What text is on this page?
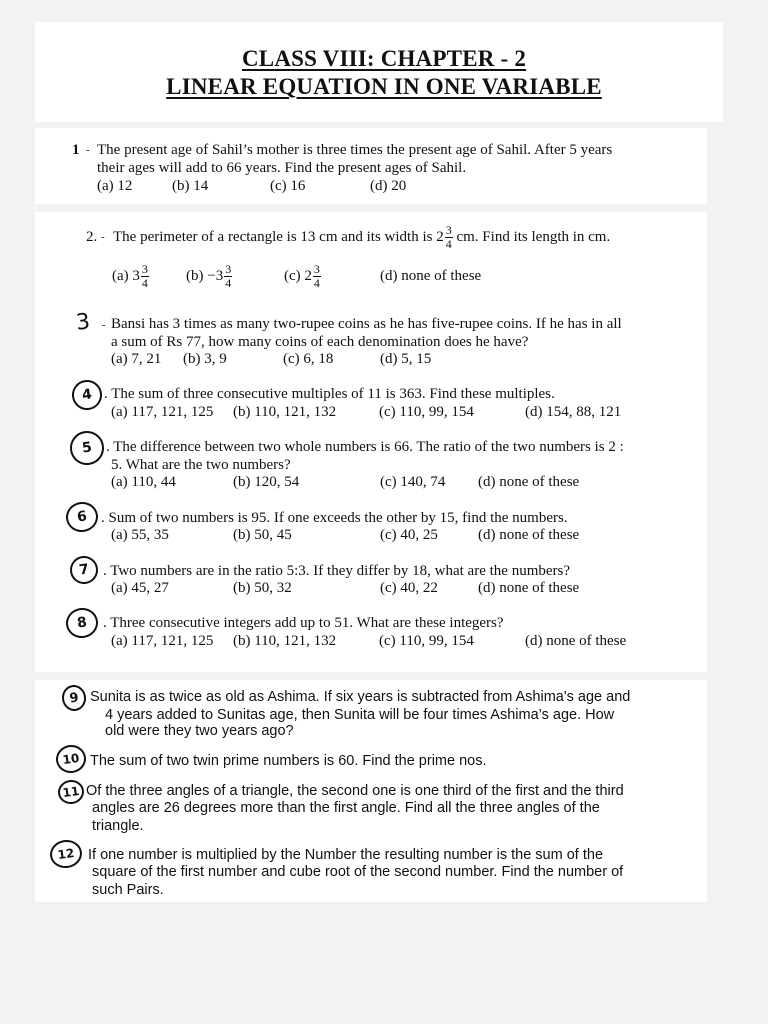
CLASS VIII: CHAPTER - 2
LINEAR EQUATION IN ONE VARIABLE
1 - The present age of Sahil’s mother is three times the present age of Sahil. After 5 years
their ages will add to 66 years. Find the present ages of Sahil.
(a) 12	(b) 14	(c) 16	(d) 20
2. - The perimeter of a rectangle is 13 cm and its width is $2 \frac{3}{4}$ cm. Find its length in cm.
(a) $3 \frac{3}{4} (b) -3 \frac{3}{4}$	(c) $2 \frac{3}{4}$	(d) none of these
3 - Bansi has 3 times as many two-rupee coins as he has five-rupee coins. If he has in all
a sum of Rs 77, how many coins of each denomination does he have?
(a) 7, 21 (b) 3, 9	(c) 6, 18	(d) 5, 15
4 . The sum of three consecutive multiples of 11 is 363. Find these multiples.
(a) 117, 121, 125 (b) 110, 121, 132	(c) 110, 99, 154	(d) 154, 88, 121
5 . The difference between two whole numbers is 66. The ratio of the two numbers is 2 :
5. What are the two numbers?
(a) 110, 44	(b) 120, 54	(c) 140, 74 (d) none of these
6 . Sum of two numbers is 95. If one exceeds the other by 15, find the numbers.
(a) 55, 35	(b) 50, 45	(c) 40, 25	(d) none of these
7 . Two numbers are in the ratio 5:3. If they differ by 18, what are the numbers?
(a) 45, 27	(b) 50, 32	(c) 40, 22	(d) none of these
8	. Three consecutive integers add up to 51. What are these integers?
(a) 117, 121, 125 (b) 110, 121, 132	(c) 110, 99, 154	(d) none of these
9 Sunita is as twice as old as Ashima. If six years is subtracted from Ashima's age and
4 years added to Sunitas age, then Sunita will be four times Ashima’s age. How
old were they two years ago?
10 The sum of two twin prime numbers is 60. Find the prime nos.
11 Of the three angles of a triangle, the second one is one third of the first and the third
angles are 26 degrees more than the first angle. Find all the three angles of the
triangle.
12 If one number is multiplied by the Number the resulting number is the sum of the
square of the first number and cube root of the second number. Find the number of
such Pairs.
